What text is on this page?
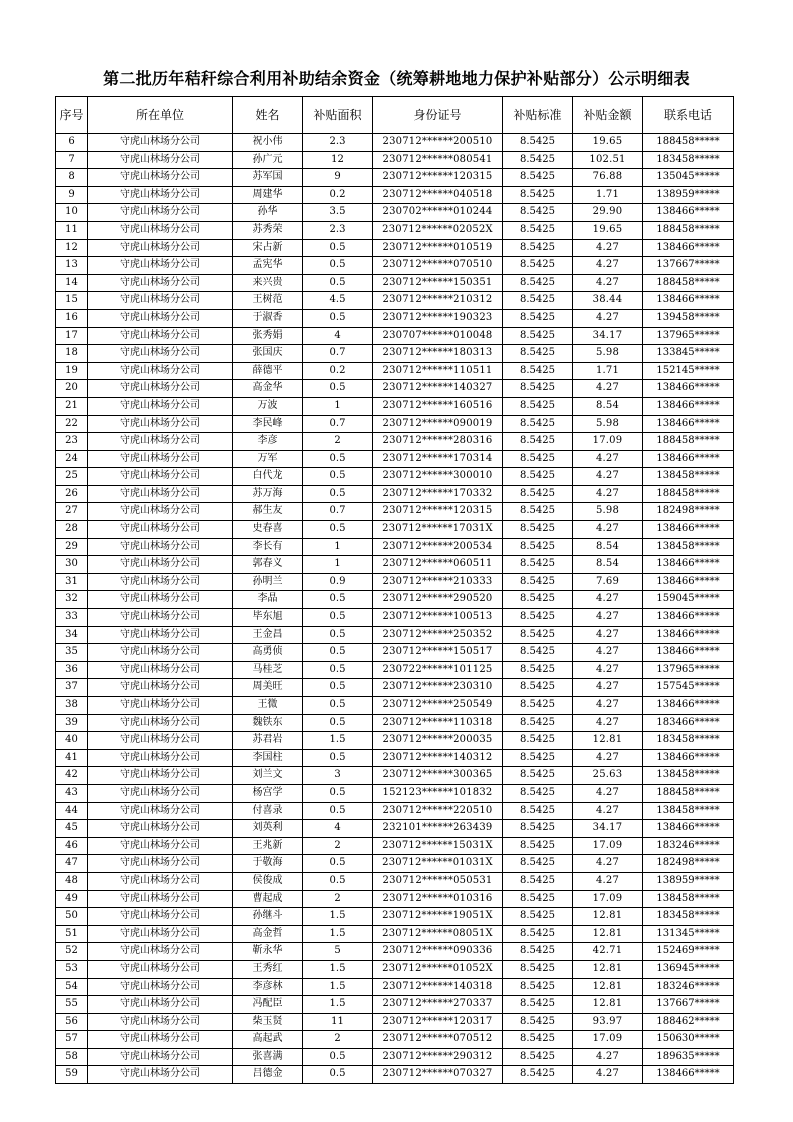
第二批历年秸秆综合利用补助结余资金（统筹耕地地力保护补贴部分）公示明细表
序号	所在单位	姓名	补贴面积	身份证号	补贴标准	补贴金额	联系电话
6	守虎山林场分公司	祝小伟	2.3	230712******200510	8.5425	19.65	188458*****
7	守虎山林场分公司	孙广元	12	230712******080541	8.5425	102.51	183458*****
8	守虎山林场分公司	苏军国	9	230712******120315	8.5425	76.88	135045*****
9	守虎山林场分公司	周建华	0.2	230712******040518	8.5425	1.71	138959*****
10	守虎山林场分公司	孙华	3.5	230702******010244	8.5425	29.90	138466*****
11	守虎山林场分公司	苏秀荣	2.3	230712******02052X	8.5425	19.65	188458*****
12	守虎山林场分公司	宋占新	0.5	230712******010519	8.5425	4.27	138466*****
13	守虎山林场分公司	孟宪华	0.5	230712******070510	8.5425	4.27	137667*****
14	守虎山林场分公司	来兴贵	0.5	230712******150351	8.5425	4.27	188458*****
15	守虎山林场分公司	王树范	4.5	230712******210312	8.5425	38.44	138466*****
16	守虎山林场分公司	于淑香	0.5	230712******190323	8.5425	4.27	139458*****
17	守虎山林场分公司	张秀娟	4	230707******010048	8.5425	34.17	137965*****
18	守虎山林场分公司	张国庆	0.7	230712******180313	8.5425	5.98	133845*****
19	守虎山林场分公司	薛德平	0.2	230712******110511	8.5425	1.71	152145*****
20	守虎山林场分公司	高金华	0.5	230712******140327	8.5425	4.27	138466*****
21	守虎山林场分公司	万波	1	230712******160516	8.5425	8.54	138466*****
22	守虎山林场分公司	李民峰	0.7	230712******090019	8.5425	5.98	138466*****
23	守虎山林场分公司	李彦	2	230712******280316	8.5425	17.09	188458*****
24	守虎山林场分公司	万军	0.5	230712******170314	8.5425	4.27	138466*****
25	守虎山林场分公司	白代龙	0.5	230712******300010	8.5425	4.27	138458*****
26	守虎山林场分公司	苏万海	0.5	230712******170332	8.5425	4.27	188458*****
27	守虎山林场分公司	郝生友	0.7	230712******120315	8.5425	5.98	182498*****
28	守虎山林场分公司	史春喜	0.5	230712******17031X	8.5425	4.27	138466*****
29	守虎山林场分公司	李长有	1	230712******200534	8.5425	8.54	138458*****
30	守虎山林场分公司	郭春义	1	230712******060511	8.5425	8.54	138466*****
31	守虎山林场分公司	孙明兰	0.9	230712******210333	8.5425	7.69	138466*****
32	守虎山林场分公司	李晶	0.5	230712******290520	8.5425	4.27	159045*****
33	守虎山林场分公司	毕东旭	0.5	230712******100513	8.5425	4.27	138466*****
34	守虎山林场分公司	王金昌	0.5	230712******250352	8.5425	4.27	138466*****
35	守虎山林场分公司	高勇侦	0.5	230712******150517	8.5425	4.27	138466*****
36	守虎山林场分公司	马桂芝	0.5	230722******101125	8.5425	4.27	137965*****
37	守虎山林场分公司	周美旺	0.5	230712******230310	8.5425	4.27	157545*****
38	守虎山林场分公司	王微	0.5	230712******250549	8.5425	4.27	138466*****
39	守虎山林场分公司	魏铁东	0.5	230712******110318	8.5425	4.27	183466*****
40	守虎山林场分公司	苏君岩	1.5	230712******200035	8.5425	12.81	183458*****
41	守虎山林场分公司	李国柱	0.5	230712******140312	8.5425	4.27	138466*****
42	守虎山林场分公司	刘兰文	3	230712******300365	8.5425	25.63	138458*****
43	守虎山林场分公司	杨宫学	0.5	152123******101832	8.5425	4.27	188458*****
44	守虎山林场分公司	付喜录	0.5	230712******220510	8.5425	4.27	138458*****
45	守虎山林场分公司	刘英利	4	232101******263439	8.5425	34.17	138466*****
46	守虎山林场分公司	王兆新	2	230712******15031X	8.5425	17.09	183246*****
47	守虎山林场分公司	于敬海	0.5	230712******01031X	8.5425	4.27	182498*****
48	守虎山林场分公司	侯俊成	0.5	230712******050531	8.5425	4.27	138959*****
49	守虎山林场分公司	曹起成	2	230712******010316	8.5425	17.09	138458*****
50	守虎山林场分公司	孙继斗	1.5	230712******19051X	8.5425	12.81	183458*****
51	守虎山林场分公司	高金哲	1.5	230712******08051X	8.5425	12.81	131345*****
52	守虎山林场分公司	靳永华	5	230712******090336	8.5425	42.71	152469*****
53	守虎山林场分公司	王秀红	1.5	230712******01052X	8.5425	12.81	136945*****
54	守虎山林场分公司	李彦林	1.5	230712******140318	8.5425	12.81	183246*****
55	守虎山林场分公司	冯配臣	1.5	230712******270337	8.5425	12.81	137667*****
56	守虎山林场分公司	柴玉贤	11	230712******120317	8.5425	93.97	188462*****
57	守虎山林场分公司	高起武	2	230712******070512	8.5425	17.09	150630*****
58	守虎山林场分公司	张喜满	0.5	230712******290312	8.5425	4.27	189635*****
59	守虎山林场分公司	吕德金	0.5	230712******070327	8.5425	4.27	138466*****
